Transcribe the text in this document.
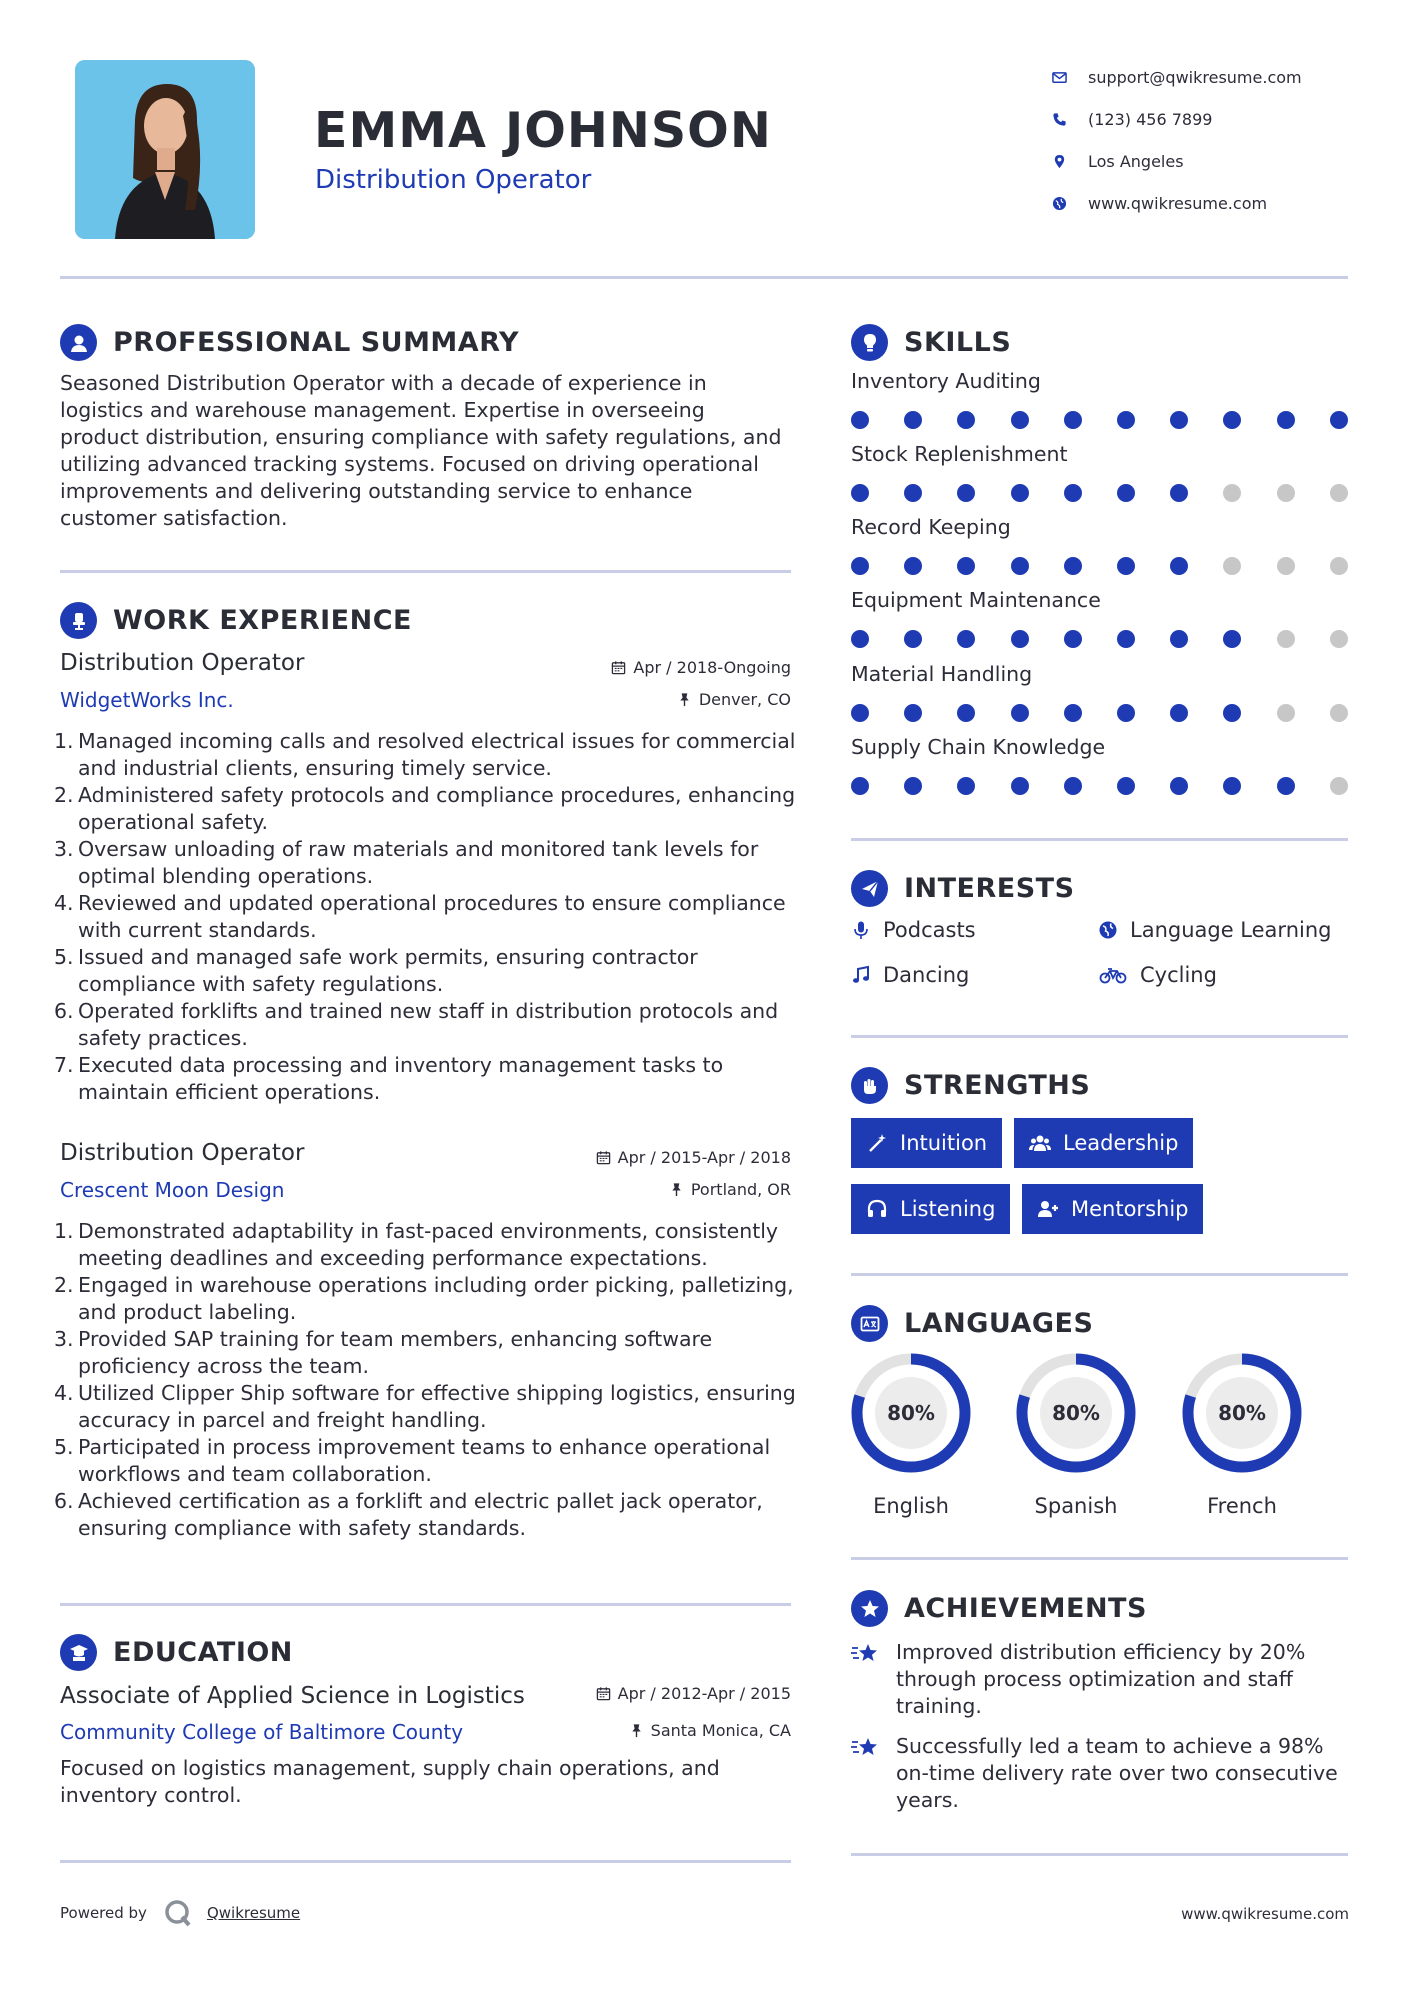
EMMA JOHNSON
Distribution Operator
support@qwikresume.com
(123) 456 7899
Los Angeles
www.qwikresume.com
PROFESSIONAL SUMMARY
Seasoned Distribution Operator with a decade of experience in logistics and warehouse management. Expertise in overseeing product distribution, ensuring compliance with safety regulations, and utilizing advanced tracking systems. Focused on driving operational improvements and delivering outstanding service to enhance customer satisfaction.
WORK EXPERIENCE
Distribution Operator
WidgetWorks Inc.
Apr / 2018-Ongoing
Denver, CO
1. Managed incoming calls and resolved electrical issues for commercial and industrial clients, ensuring timely service.
2. Administered safety protocols and compliance procedures, enhancing operational safety.
3. Oversaw unloading of raw materials and monitored tank levels for optimal blending operations.
4. Reviewed and updated operational procedures to ensure compliance with current standards.
5. Issued and managed safe work permits, ensuring contractor compliance with safety regulations.
6. Operated forklifts and trained new staff in distribution protocols and safety practices.
7. Executed data processing and inventory management tasks to maintain efficient operations.
Distribution Operator
Crescent Moon Design
Apr / 2015-Apr / 2018
Portland, OR
1. Demonstrated adaptability in fast-paced environments, consistently meeting deadlines and exceeding performance expectations.
2. Engaged in warehouse operations including order picking, palletizing, and product labeling.
3. Provided SAP training for team members, enhancing software proficiency across the team.
4. Utilized Clipper Ship software for effective shipping logistics, ensuring accuracy in parcel and freight handling.
5. Participated in process improvement teams to enhance operational workflows and team collaboration.
6. Achieved certification as a forklift and electric pallet jack operator, ensuring compliance with safety standards.
EDUCATION
Associate of Applied Science in Logistics
Community College of Baltimore County
Apr / 2012-Apr / 2015
Santa Monica, CA
Focused on logistics management, supply chain operations, and inventory control.
SKILLS
Inventory Auditing
Stock Replenishment
Record Keeping
Equipment Maintenance
Material Handling
Supply Chain Knowledge
INTERESTS
Podcasts	Language Learning
Dancing	Cycling
STRENGTHS
Intuition	Leadership
Listening	Mentorship
LANGUAGES
80%
English
80%
Spanish
80%
French
ACHIEVEMENTS
Improved distribution efficiency by 20% through process optimization and staff training.
Successfully led a team to achieve a 98% on-time delivery rate over two consecutive years.
Powered by	Qwikresume	www.qwikresume.com
